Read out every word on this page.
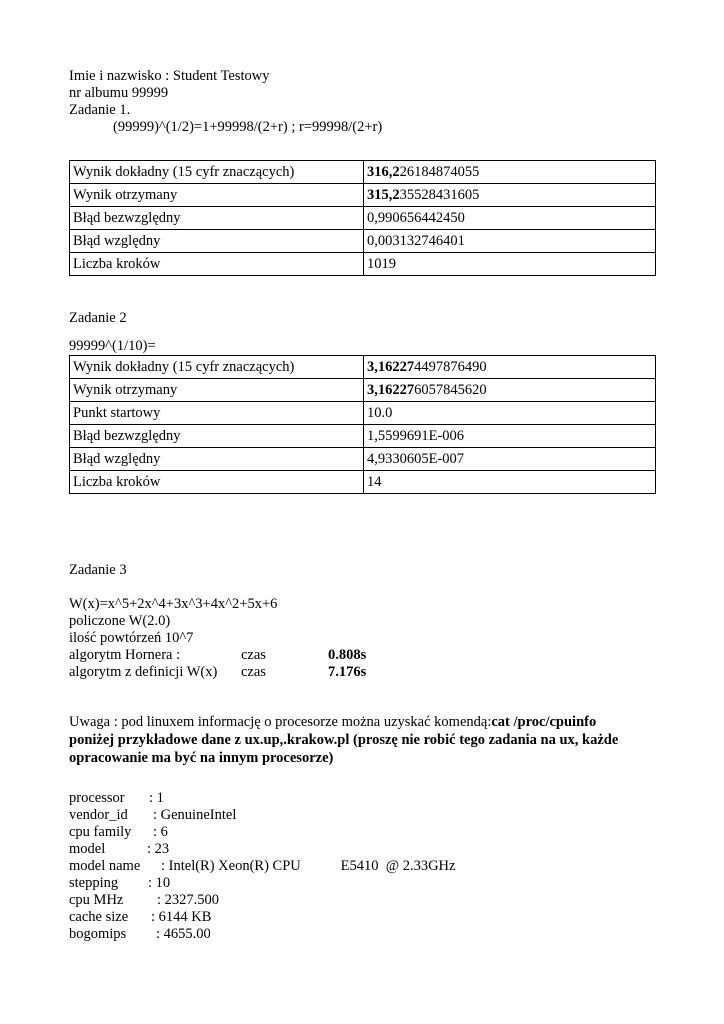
Imie i nazwisko : Student Testowy
nr albumu 99999
Zadanie 1.
(99999)^(1/2)=1+99998/(2+r) ; r=99998/(2+r)
Wynik dokładny (15 cyfr znaczących)	316,226184874055
Wynik otrzymany	315,235528431605
Błąd bezwzględny	0,990656442450
Błąd względny	0,003132746401
Liczba kroków	1019
Zadanie 2
99999^(1/10)=
Wynik dokładny (15 cyfr znaczących)	3,162274497876490
Wynik otrzymany	3,162276057845620
Punkt startowy	10.0
Błąd bezwzględny	1,5599691E-006
Błąd względny	4,9330605E-007
Liczba kroków	14
Zadanie 3
W(x)=x^5+2x^4+3x^3+4x^2+5x+6
policzone W(2.0)
ilość powtórzeń 10^7
algorytm Hornera :	czas	0.808s
algorytm z definicji W(x)	czas	7.176s
Uwaga : pod linuxem informację o procesorze można uzyskać komendą:cat /proc/cpuinfo
poniżej przykładowe dane z ux.up,.krakow.pl (proszę nie robić tego zadania na ux, każde
opracowanie ma być na innym procesorze)
processor : 1
vendor_id : GenuineIntel
cpu family : 6
model	: 23
model name : Intel(R) Xeon(R) CPU           E5410  @ 2.33GHz
stepping : 10
cpu MHz : 2327.500
cache size : 6144 KB
bogomips : 4655.00
